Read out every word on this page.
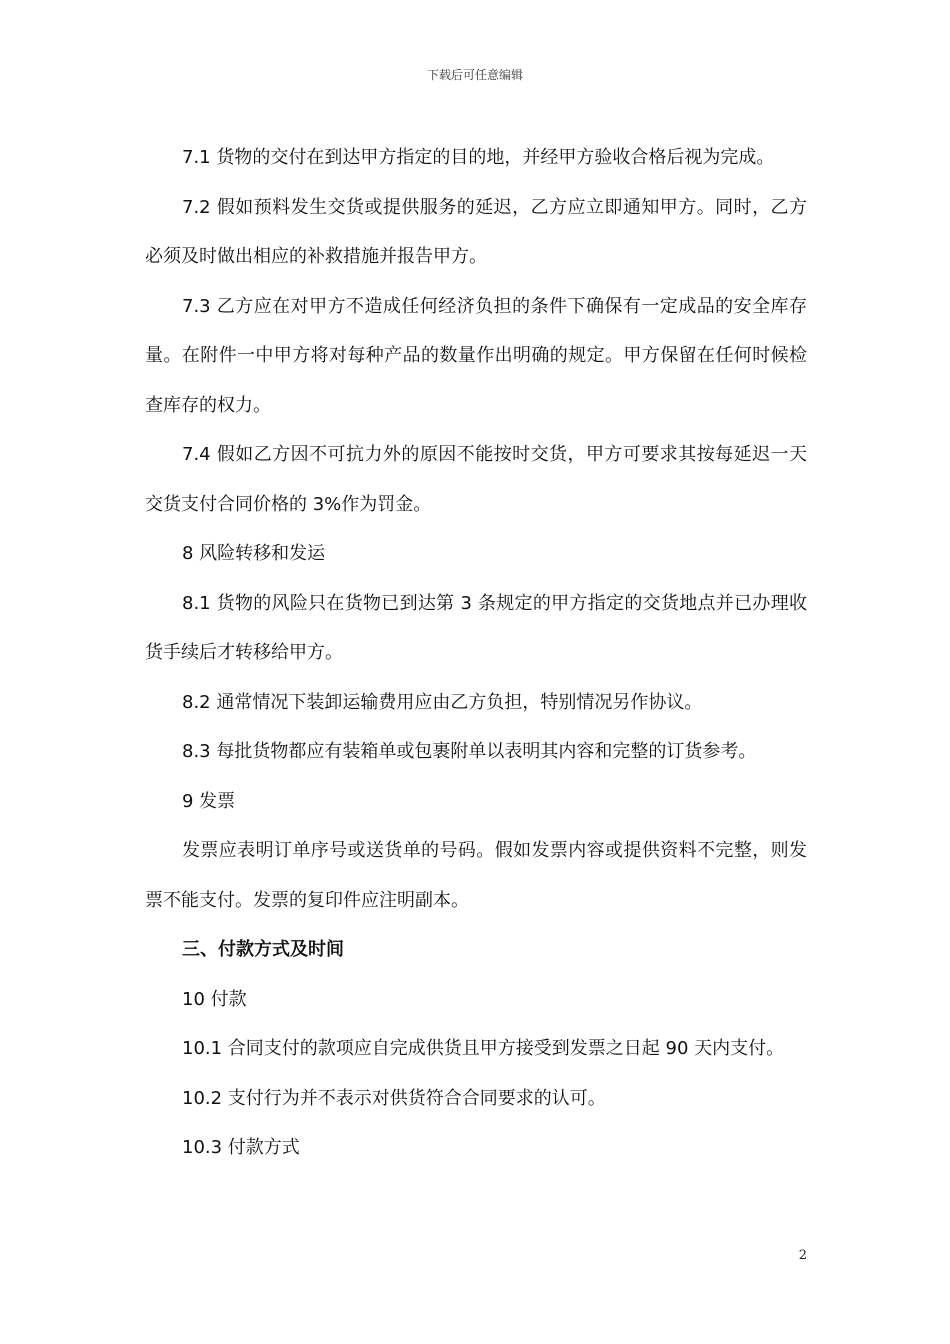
下载后可任意编辑

7.1 货物的交付在到达甲方指定的目的地，并经甲方验收合格后视为完成。

7.2 假如预料发生交货或提供服务的延迟，乙方应立即通知甲方。同时，乙方必须及时做出相应的补救措施并报告甲方。

7.3 乙方应在对甲方不造成任何经济负担的条件下确保有一定成品的安全库存量。在附件一中甲方将对每种产品的数量作出明确的规定。甲方保留在任何时候检查库存的权力。

7.4 假如乙方因不可抗力外的原因不能按时交货，甲方可要求其按每延迟一天交货支付合同价格的 3%作为罚金。

8 风险转移和发运

8.1 货物的风险只在货物已到达第 3 条规定的甲方指定的交货地点并已办理收货手续后才转移给甲方。

8.2 通常情况下装卸运输费用应由乙方负担，特别情况另作协议。

8.3 每批货物都应有装箱单或包裹附单以表明其内容和完整的订货参考。

9 发票

发票应表明订单序号或送货单的号码。假如发票内容或提供资料不完整，则发票不能支付。发票的复印件应注明副本。

三、付款方式及时间

10 付款

10.1 合同支付的款项应自完成供货且甲方接受到发票之日起 90 天内支付。

10.2 支付行为并不表示对供货符合合同要求的认可。

10.3 付款方式

2
